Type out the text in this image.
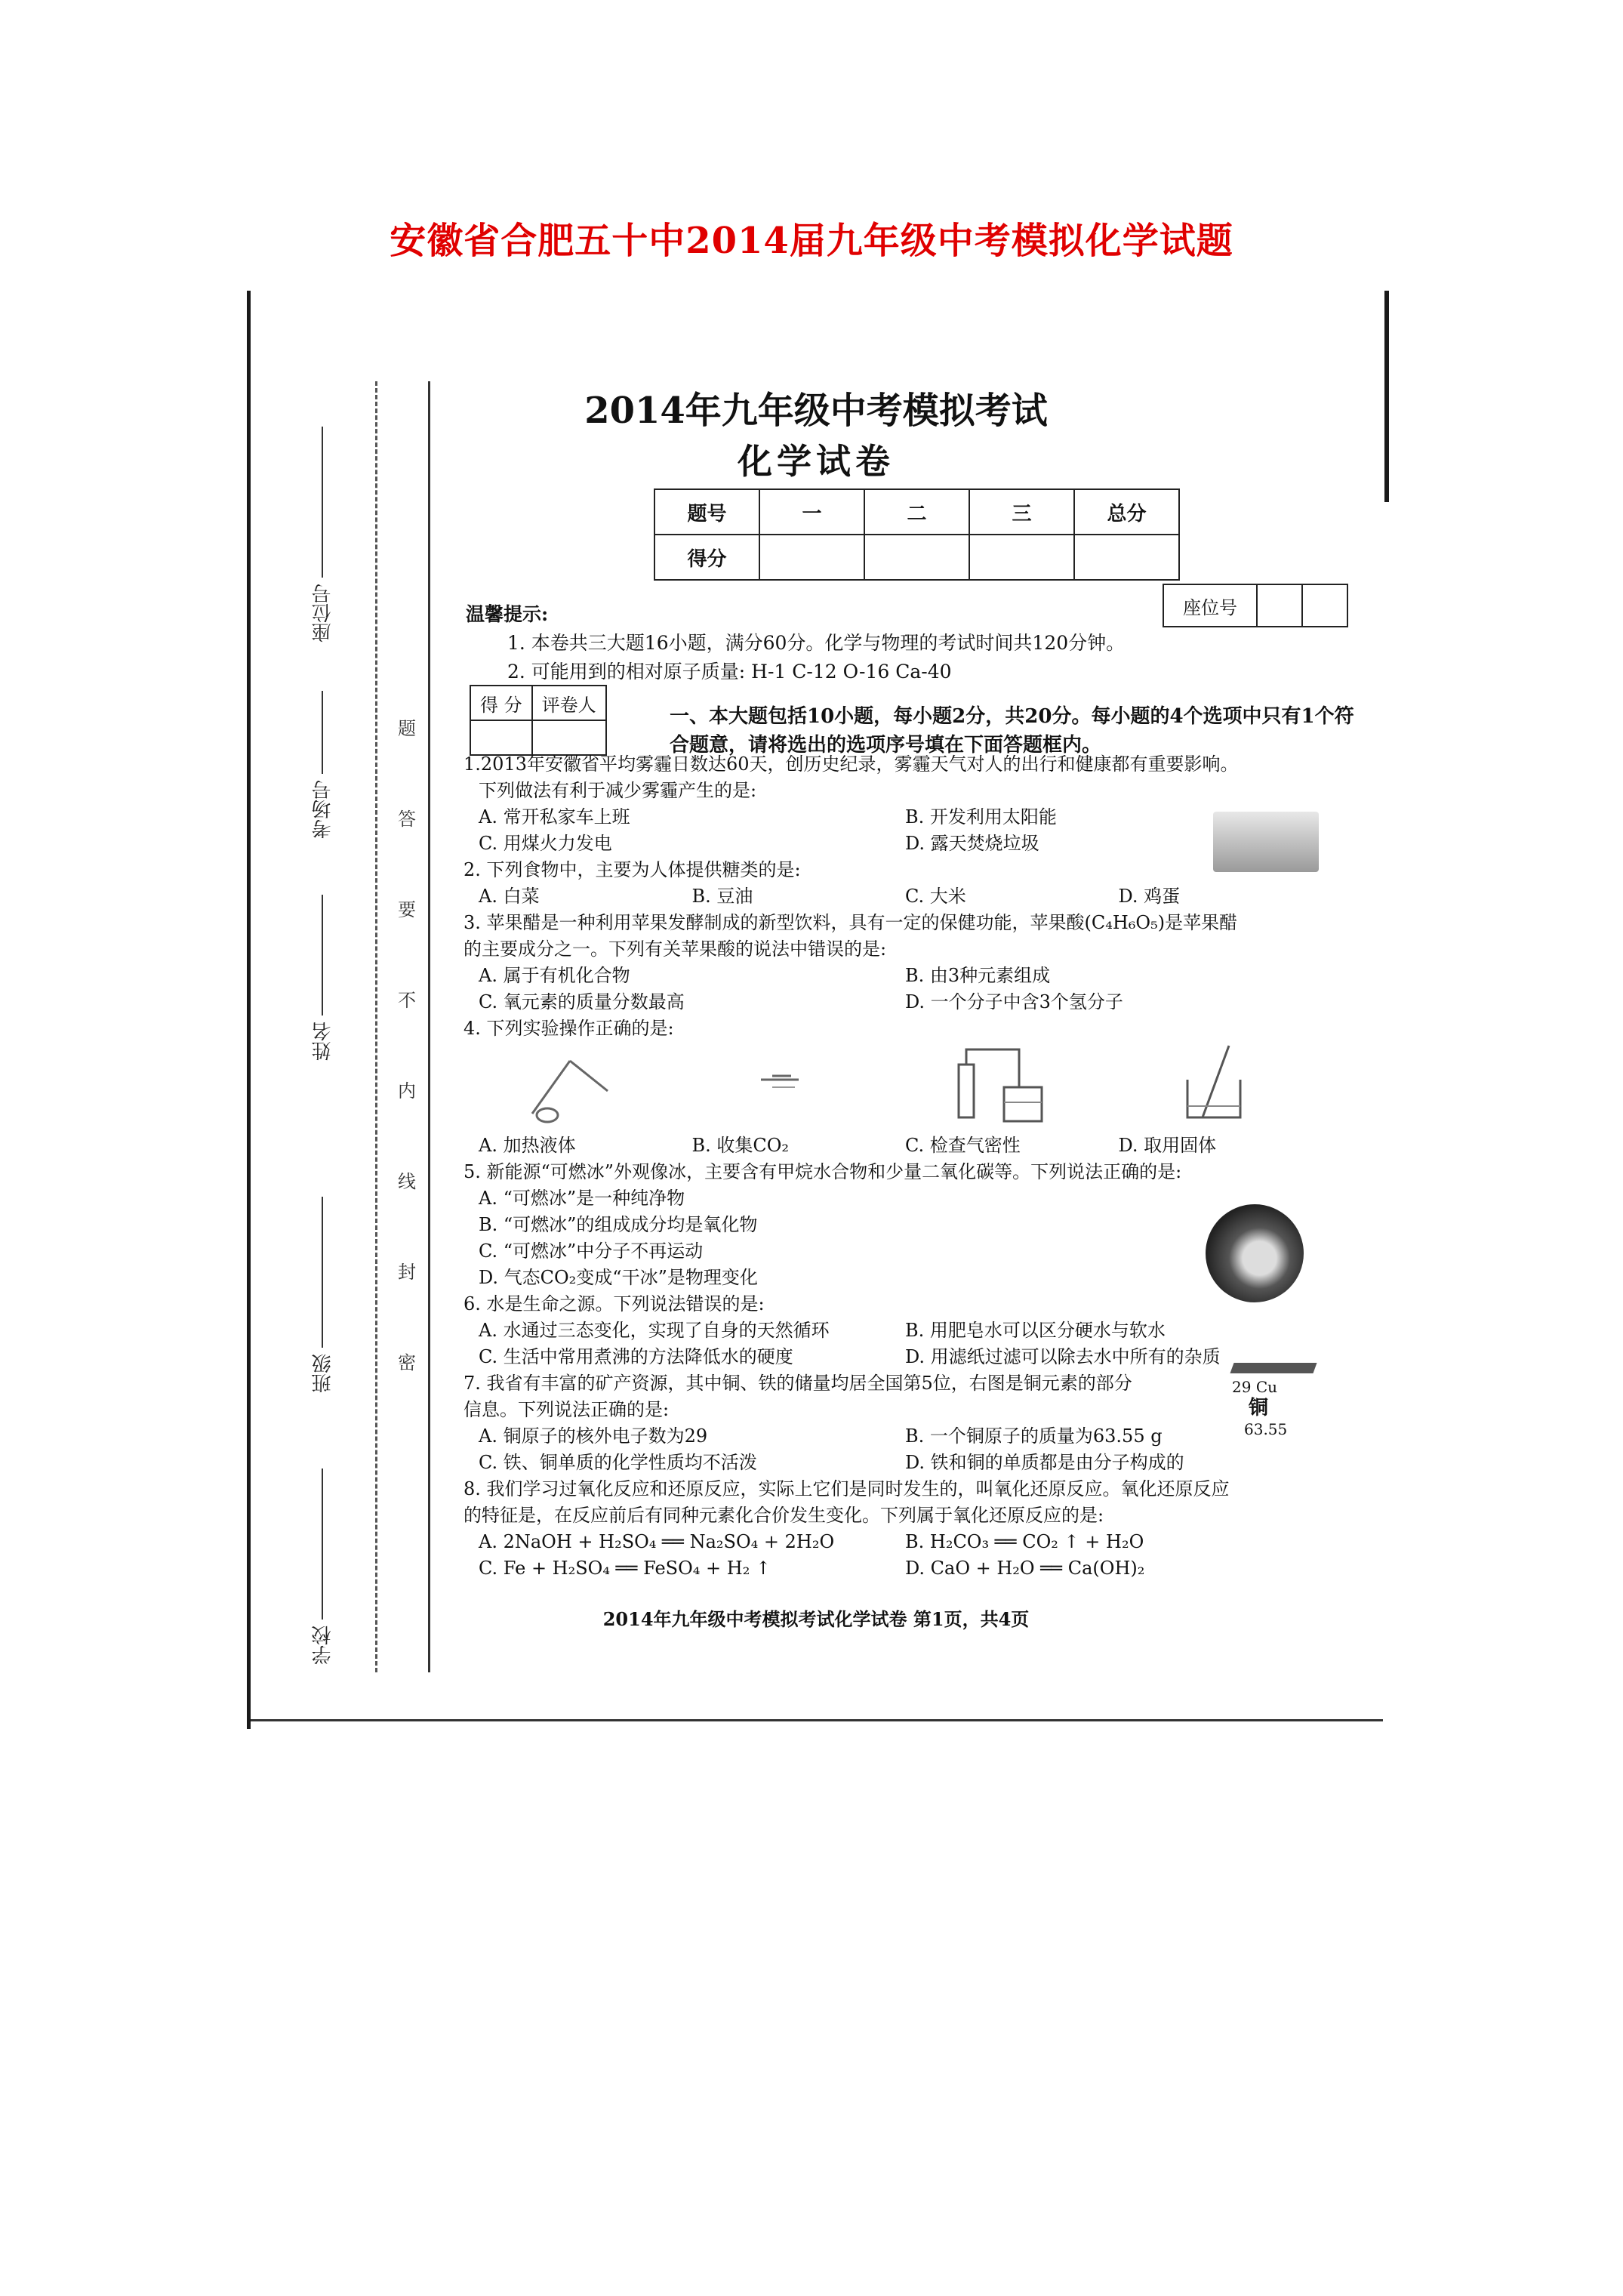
安徽省合肥五十中2014届九年级中考模拟化学试题
座位号
考场号
姓名
班级
学校
题
答
要
不
内
线
封
密
2014年九年级中考模拟考试
化学试卷
题号	一	二	三	总分
得分				
座位号		
温馨提示:
1. 本卷共三大题16小题，满分60分。化学与物理的考试时间共120分钟。
2. 可能用到的相对原子质量: H-1 C-12 O-16 Ca-40
得 分	评卷人

一、本大题包括10小题，每小题2分，共20分。每小题的4个选项中只有1个符合题意，请将选出的选项序号填在下面答题框内。

1.2013年安徽省平均雾霾日数达60天，创历史纪录，雾霾天气对人的出行和健康都有重要影响。

下列做法有利于减少雾霾产生的是:

A. 常开私家车上班	B. 开发利用太阳能
C. 用煤火力发电	D. 露天焚烧垃圾

2. 下列食物中，主要为人体提供糖类的是:

A. 白菜	B. 豆油	C. 大米	D. 鸡蛋

3. 苹果醋是一种利用苹果发酵制成的新型饮料，具有一定的保健功能，苹果酸(C₄H₆O₅)是苹果醋

的主要成分之一。下列有关苹果酸的说法中错误的是:

A. 属于有机化合物	B. 由3种元素组成
C. 氧元素的质量分数最高	D. 一个分子中含3个氢分子

4. 下列实验操作正确的是:

A. 加热液体	B. 收集CO₂	C. 检查气密性	D. 取用固体

5. 新能源“可燃冰”外观像冰，主要含有甲烷水合物和少量二氧化碳等。下列说法正确的是:

A. “可燃冰”是一种纯净物

B. “可燃冰”的组成成分均是氧化物

C. “可燃冰”中分子不再运动

D. 气态CO₂变成“干冰”是物理变化

6. 水是生命之源。下列说法错误的是:

A. 水通过三态变化，实现了自身的天然循环	B. 用肥皂水可以区分硬水与软水
C. 生活中常用煮沸的方法降低水的硬度	D. 用滤纸过滤可以除去水中所有的杂质

7. 我省有丰富的矿产资源，其中铜、铁的储量均居全国第5位，右图是铜元素的部分

信息。下列说法正确的是:

A. 铜原子的核外电子数为29	B. 一个铜原子的质量为63.55 g
C. 铁、铜单质的化学性质均不活泼	D. 铁和铜的单质都是由分子构成的

8. 我们学习过氧化反应和还原反应，实际上它们是同时发生的，叫氧化还原反应。氧化还原反应

的特征是，在反应前后有同种元素化合价发生变化。下列属于氧化还原反应的是:

A. 2NaOH + H₂SO₄ ══ Na₂SO₄ + 2H₂O	B. H₂CO₃ ══ CO₂ ↑ + H₂O
C. Fe + H₂SO₄ ══ FeSO₄ + H₂ ↑	D. CaO + H₂O ══ Ca(OH)₂
29 Cu
铜
63.55
2014年九年级中考模拟考试化学试卷 第1页，共4页
